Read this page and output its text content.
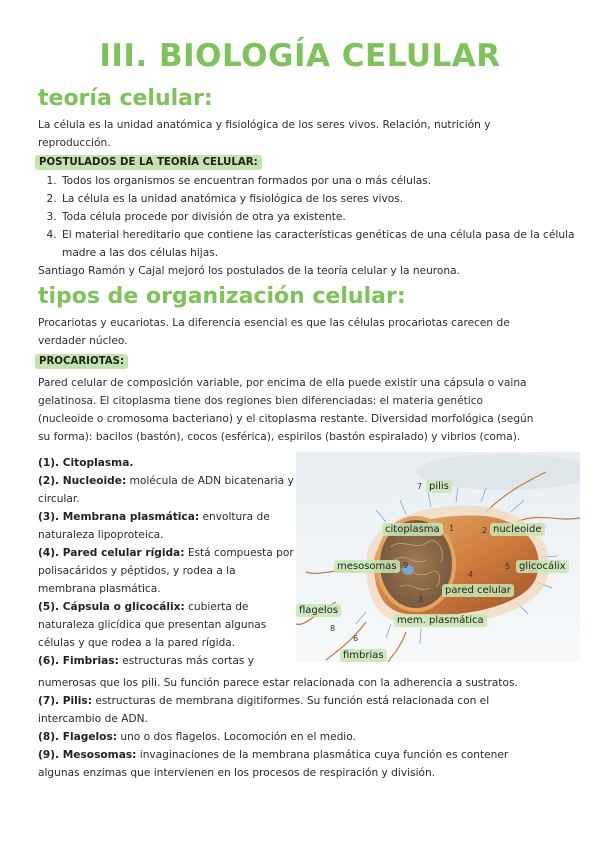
III. BIOLOGÍA CELULAR
teoría celular:

La célula es la unidad anatómica y fisiológica de los seres vivos. Relación, nutrición y

reproducción.

POSTULADOS DE LA TEORÍA CELULAR:

1. Todos los organismos se encuentran formados por una o más células.
2. La célula es la unidad anatómica y fisiológica de los seres vivos.
3. Toda célula procede por división de otra ya existente.
4. El material hereditario que contiene las características genéticas de una célula pasa de la célula madre a las dos células hijas.

Santiago Ramón y Cajal mejoró los postulados de la teoría celular y la neurona.

tipos de organización celular:

Procariotas y eucariotas. La diferencia esencial es que las células procariotas carecen de

verdader núcleo.

PROCARIOTAS:

Pared celular de composición variable, por encima de ella puede existir una cápsula o vaina

gelatinosa. El citoplasma tiene dos regiones bien diferenciadas: el materia genético

(nucleoide o cromosoma bacteriano) y el citoplasma restante. Diversidad morfológica (según

su forma): bacilos (bastón), cocos (esférica), espirilos (bastón espiralado) y vibrios (coma).

(1). Citoplasma.

(2). Nucleoide: molécula de ADN bicatenaria y

circular.

(3). Membrana plasmática: envoltura de

naturaleza lipoproteica.

(4). Pared celular rígida: Está compuesta por

polisacáridos y péptidos, y rodea a la

membrana plasmática.

(5). Cápsula o glicocálix: cubierta de

naturaleza glicídica que presentan algunas

células y que rodea a la pared rígida.

(6). Fimbrias: estructuras más cortas y

numerosas que los pili. Su función parece estar relacionada con la adherencia a sustratos.

(7). Pilis: estructuras de membrana digitiformes. Su función está relacionada con el

intercambio de ADN.

(8). Flagelos: uno o dos flagelos. Locomoción en el medio.

(9). Mesosomas: invaginaciones de la membrana plasmática cuya función es contener

algunas enzimas que intervienen en los procesos de respiración y división.

pilis
7
citoplasma	1	2 nucleoide
mesosomas 9	5 glicocálix
4
pared celular
3
flagelos
mem. plasmática
8
6
fimbrias
